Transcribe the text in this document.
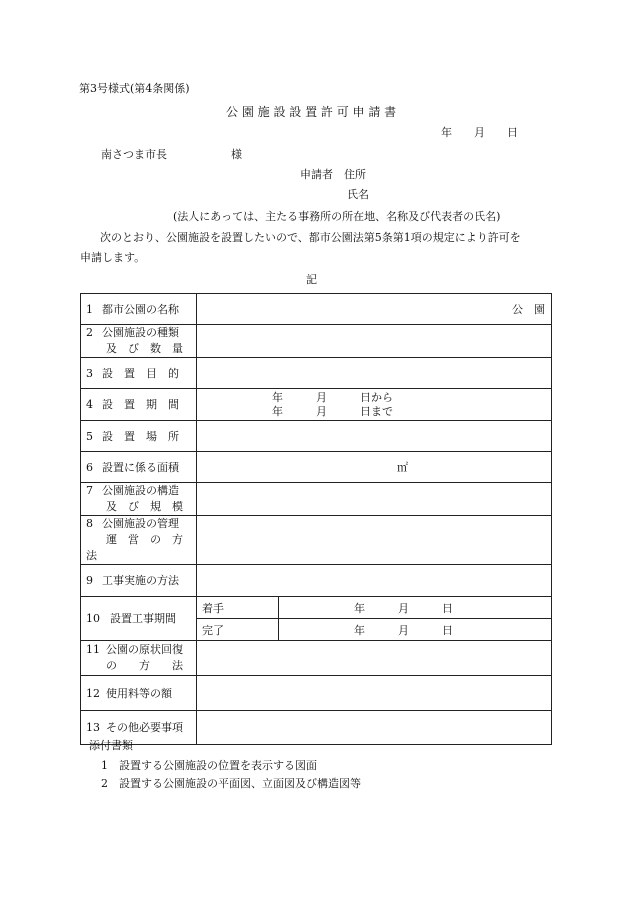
第3号様式(第4条関係)
公 園 施 設 設 置 許 可 申 請 書
年　　月　　日
南さつま市長	様
申請者　住所
氏名
(法人にあっては、主たる事務所の所在地、名称及び代表者の氏名)
次のとおり、公園施設を設置したいので、都市公園法第5条第1項の規定により許可を
申請します。
記
1 都市公園の名称	公　園	
2 公園施設の種類
及　び　数　量		
3 設　置　目　的		
4 設　置　期　間	年　　　月　　　日から
年　　　月　　　日まで	

5 設　置　場　所		
6 設置に係る面積	㎡	

7 公園施設の構造
及　び　規　模		
8 公園施設の管理
運　営　の　方　法		
9 工事実施の方法		
10 設置工事期間	着手	年　　　月　　　日

	完了	年　　　月　　　日

11 公園の原状回復
の　　方　　法		
12 使用料等の額		
13 その他必要事項		
添付書類
1 設置する公園施設の位置を表示する図面
2 設置する公園施設の平面図、立面図及び構造図等
